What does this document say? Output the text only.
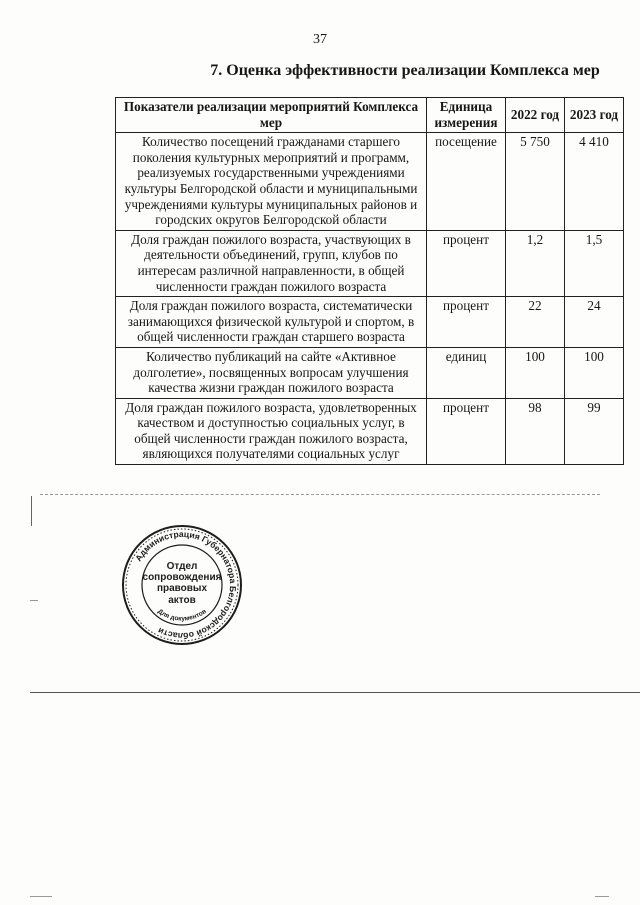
37
7. Оценка эффективности реализации Комплекса мер
Показатели реализации мероприятий Комплекса мер	Единица измерения	2022 год	2023 год
Количество посещений гражданами старшего поколения культурных мероприятий и программ, реализуемых государственными учреждениями культуры Белгородской области и муниципальными учреждениями культуры муниципальных районов и городских округов Белгородской области	посещение	5 750	4 410
Доля граждан пожилого возраста, участвующих в деятельности объединений, групп, клубов по интересам различной направленности, в общей численности граждан пожилого возраста	процент	1,2	1,5
Доля граждан пожилого возраста, систематически занимающихся физической культурой и спортом, в общей численности граждан старшего возраста	процент	22	24
Количество публикаций на сайте «Активное долголетие», посвященных вопросам улучшения качества жизни граждан пожилого возраста	единиц	100	100
Доля граждан пожилого возраста, удовлетворенных качеством и доступностью социальных услуг, в общей численности граждан пожилого возраста, являющихся получателями социальных услуг	процент	98	99
Администрация Губернатора Белгородской области
Для документов
Отдел
сопровождения
правовых
актов
